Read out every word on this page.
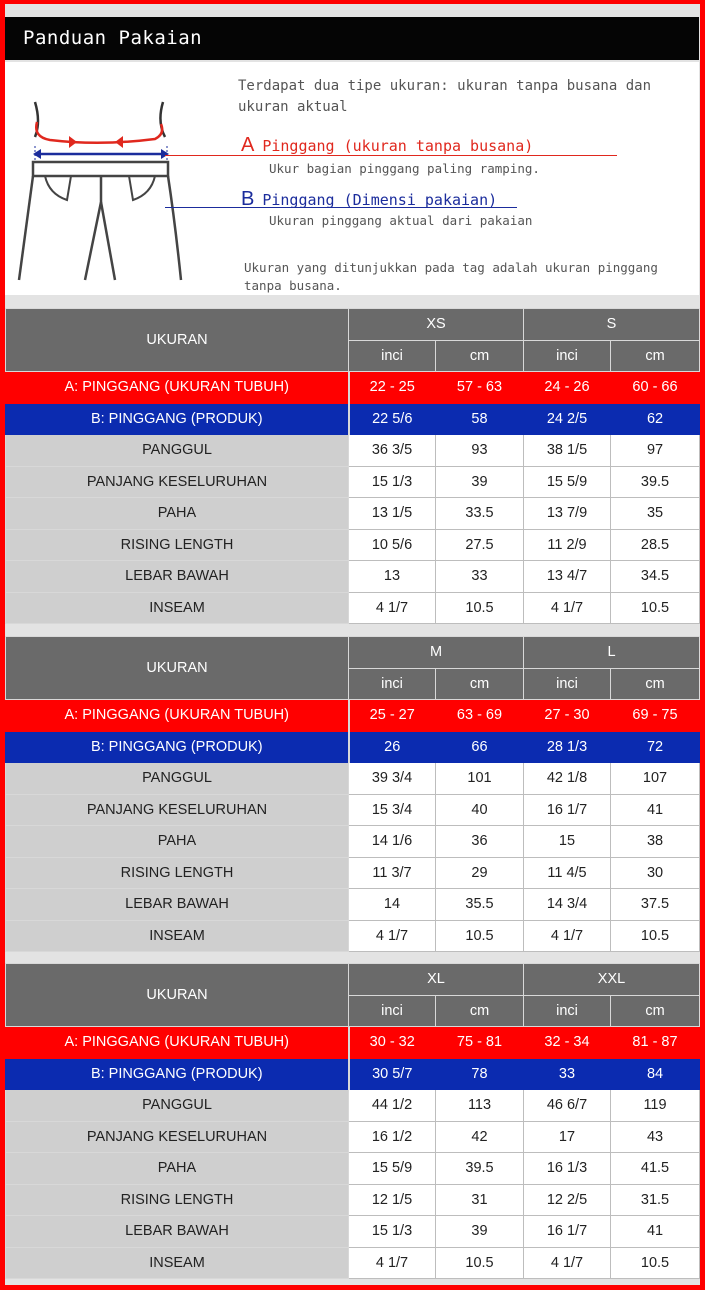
Panduan Pakaian
Terdapat dua tipe ukuran: ukuran tanpa busana dan ukuran aktual
A Pinggang (ukuran tanpa busana)
Ukur bagian pinggang paling ramping.
B Pinggang (Dimensi pakaian)
Ukuran pinggang aktual dari pakaian
Ukuran yang ditunjukkan pada tag adalah ukuran pinggang tanpa busana.
UKURAN	XS		S	
	inci	cm	inci	cm
A: PINGGANG (UKURAN TUBUH)	22 - 25	57 - 63	24 - 26	60 - 66
B: PINGGANG (PRODUK)	22 5/6	58	24 2/5	62
PANGGUL	36 3/5	93	38 1/5	97
PANJANG KESELURUHAN	15 1/3	39	15 5/9	39.5
PAHA	13 1/5	33.5	13 7/9	35
RISING LENGTH	10 5/6	27.5	11 2/9	28.5
LEBAR BAWAH	13	33	13 4/7	34.5
INSEAM	4 1/7	10.5	4 1/7	10.5
UKURAN	M		L	
	inci	cm	inci	cm
A: PINGGANG (UKURAN TUBUH)	25 - 27	63 - 69	27 - 30	69 - 75
B: PINGGANG (PRODUK)	26	66	28 1/3	72
PANGGUL	39 3/4	101	42 1/8	107
PANJANG KESELURUHAN	15 3/4	40	16 1/7	41
PAHA	14 1/6	36	15	38
RISING LENGTH	11 3/7	29	11 4/5	30
LEBAR BAWAH	14	35.5	14 3/4	37.5
INSEAM	4 1/7	10.5	4 1/7	10.5
UKURAN	XL		XXL	
	inci	cm	inci	cm
A: PINGGANG (UKURAN TUBUH)	30 - 32	75 - 81	32 - 34	81 - 87
B: PINGGANG (PRODUK)	30 5/7	78	33	84
PANGGUL	44 1/2	113	46 6/7	119
PANJANG KESELURUHAN	16 1/2	42	17	43
PAHA	15 5/9	39.5	16 1/3	41.5
RISING LENGTH	12 1/5	31	12 2/5	31.5
LEBAR BAWAH	15 1/3	39	16 1/7	41
INSEAM	4 1/7	10.5	4 1/7	10.5
